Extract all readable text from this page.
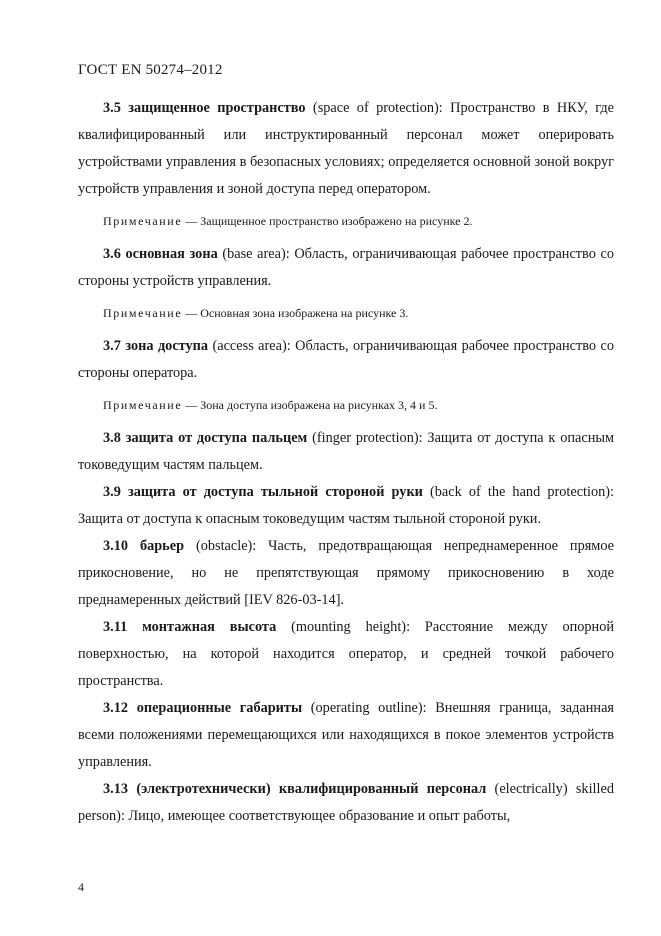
ГОСТ EN 50274–2012

3.5 защищенное пространство (space of protection): Пространство в НКУ, где квалифицированный или инструктированный персонал может оперировать устройствами управления в безопасных условиях; определяется основной зоной вокруг устройств управления и зоной доступа перед оператором.

Примечание — Защищенное пространство изображено на рисунке 2.

3.6 основная зона (base area): Область, ограничивающая рабочее пространство со стороны устройств управления.

Примечание — Основная зона изображена на рисунке 3.

3.7 зона доступа (access area): Область, ограничивающая рабочее пространство со стороны оператора.

Примечание — Зона доступа изображена на рисунках 3, 4 и 5.

3.8 защита от доступа пальцем (finger protection): Защита от доступа к опасным токоведущим частям пальцем.

3.9 защита от доступа тыльной стороной руки (back of the hand protection): Защита от доступа к опасным токоведущим частям тыльной стороной руки.

3.10 барьер (obstacle): Часть, предотвращающая непреднамеренное прямое прикосновение, но не препятствующая прямому прикосновению в ходе преднамеренных действий [IEV 826-03-14].

3.11 монтажная высота (mounting height): Расстояние между опорной поверхностью, на которой находится оператор, и средней точкой рабочего пространства.

3.12 операционные габариты (operating outline): Внешняя граница, заданная всеми положениями перемещающихся или находящихся в покое элементов устройств управления.

3.13 (электротехнически) квалифицированный персонал (electrically) skilled person): Лицо, имеющее соответствующее образование и опыт работы,

4
